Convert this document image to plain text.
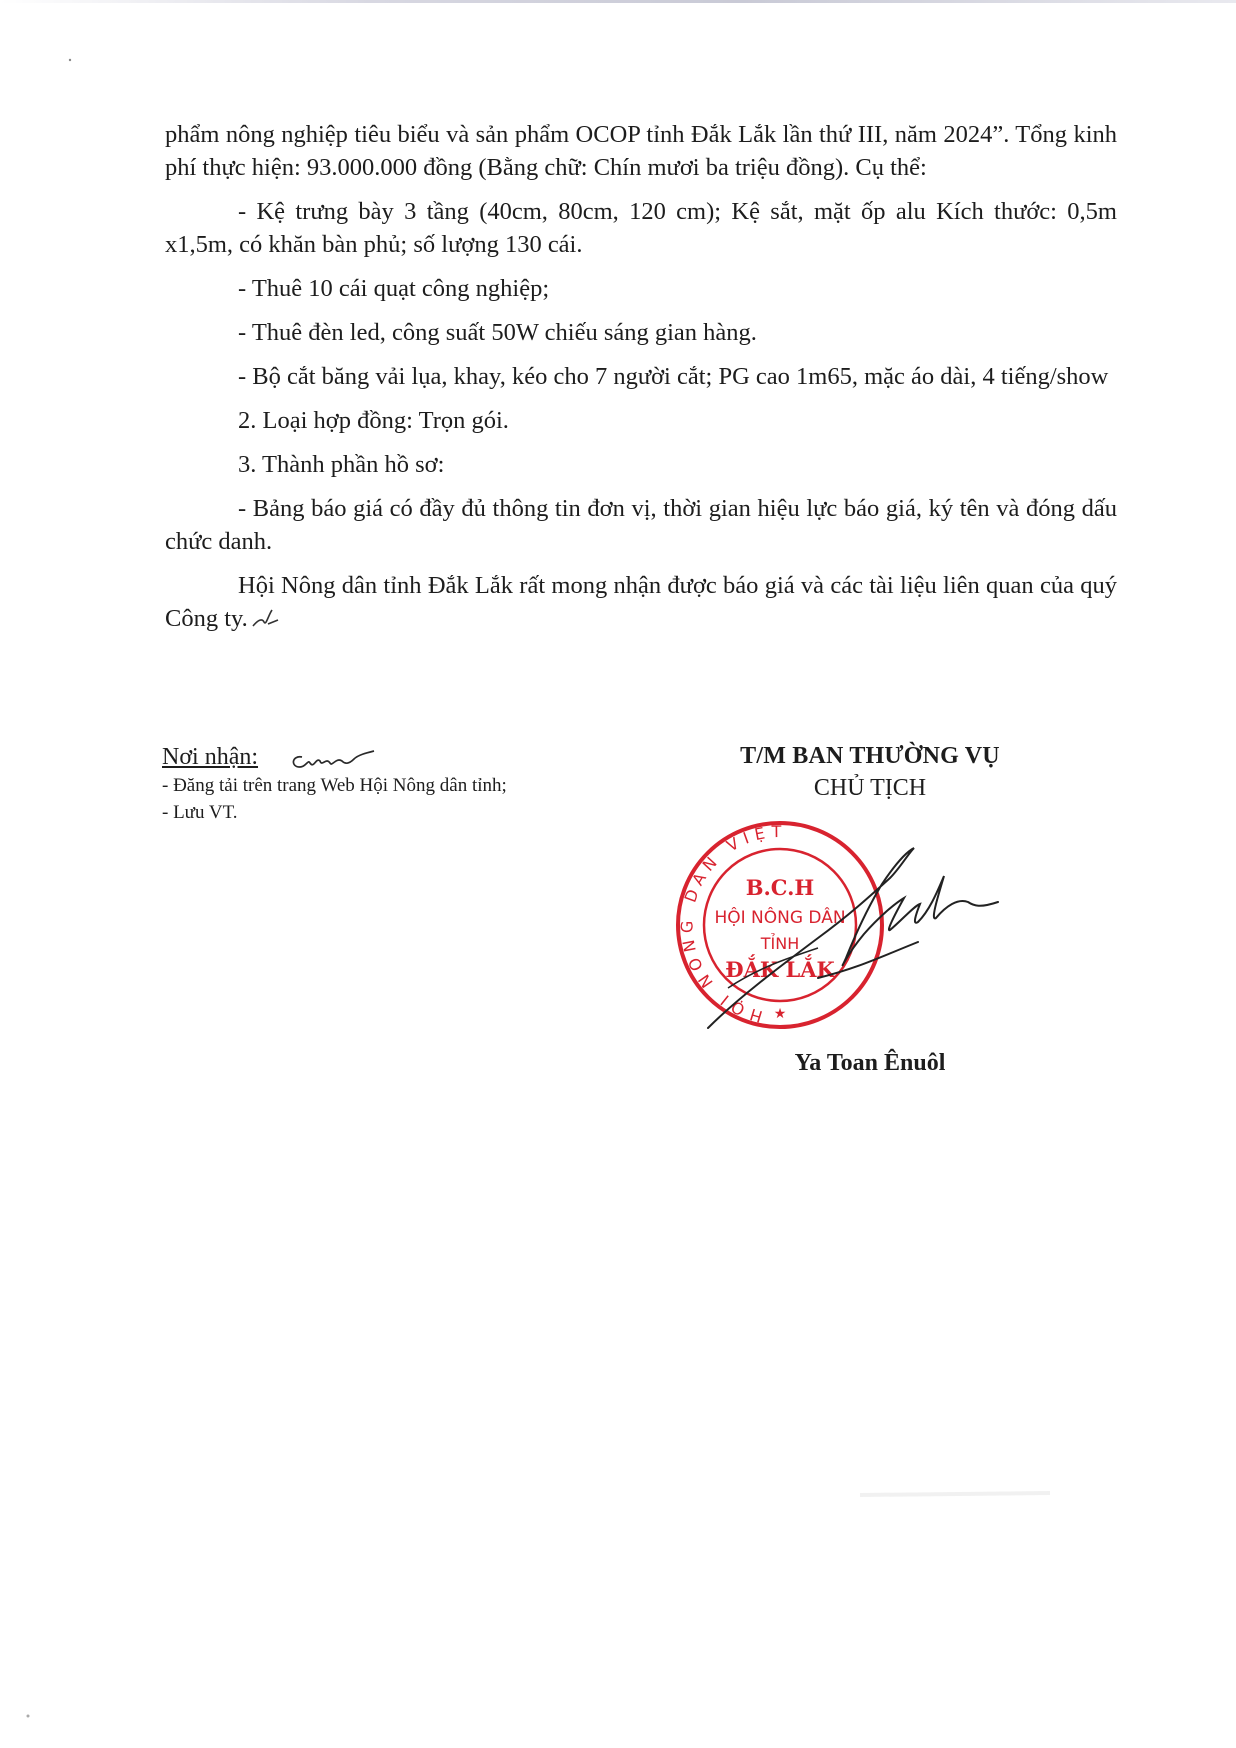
phẩm nông nghiệp tiêu biểu và sản phẩm OCOP tỉnh Đắk Lắk lần thứ III, năm 2024”. Tổng kinh phí thực hiện: 93.000.000 đồng (Bằng chữ: Chín mươi ba triệu đồng). Cụ thể:

- Kệ trưng bày 3 tầng (40cm, 80cm, 120 cm); Kệ sắt, mặt ốp alu Kích thước: 0,5m x1,5m, có khăn bàn phủ; số lượng 130 cái.

- Thuê 10 cái quạt công nghiệp;

- Thuê đèn led, công suất 50W chiếu sáng gian hàng.

- Bộ cắt băng vải lụa, khay, kéo cho 7 người cắt; PG cao 1m65, mặc áo dài, 4 tiếng/show

2. Loại hợp đồng: Trọn gói.

3. Thành phần hồ sơ:

- Bảng báo giá có đầy đủ thông tin đơn vị, thời gian hiệu lực báo giá, ký tên và đóng dấu chức danh.

Hội Nông dân tỉnh Đắk Lắk rất mong nhận được báo giá và các tài liệu liên quan của quý Công ty.

Nơi nhận:
- Đăng tải trên trang Web Hội Nông dân tỉnh;
- Lưu VT.
T/M BAN THƯỜNG VỤ
CHỦ TỊCH
HỘI NÔNG DÂN VIỆT
B.C.H
HỘI NÔNG DÂN
TỈNH
ĐẮK LẮK
★
Ya Toan Ênuôl
